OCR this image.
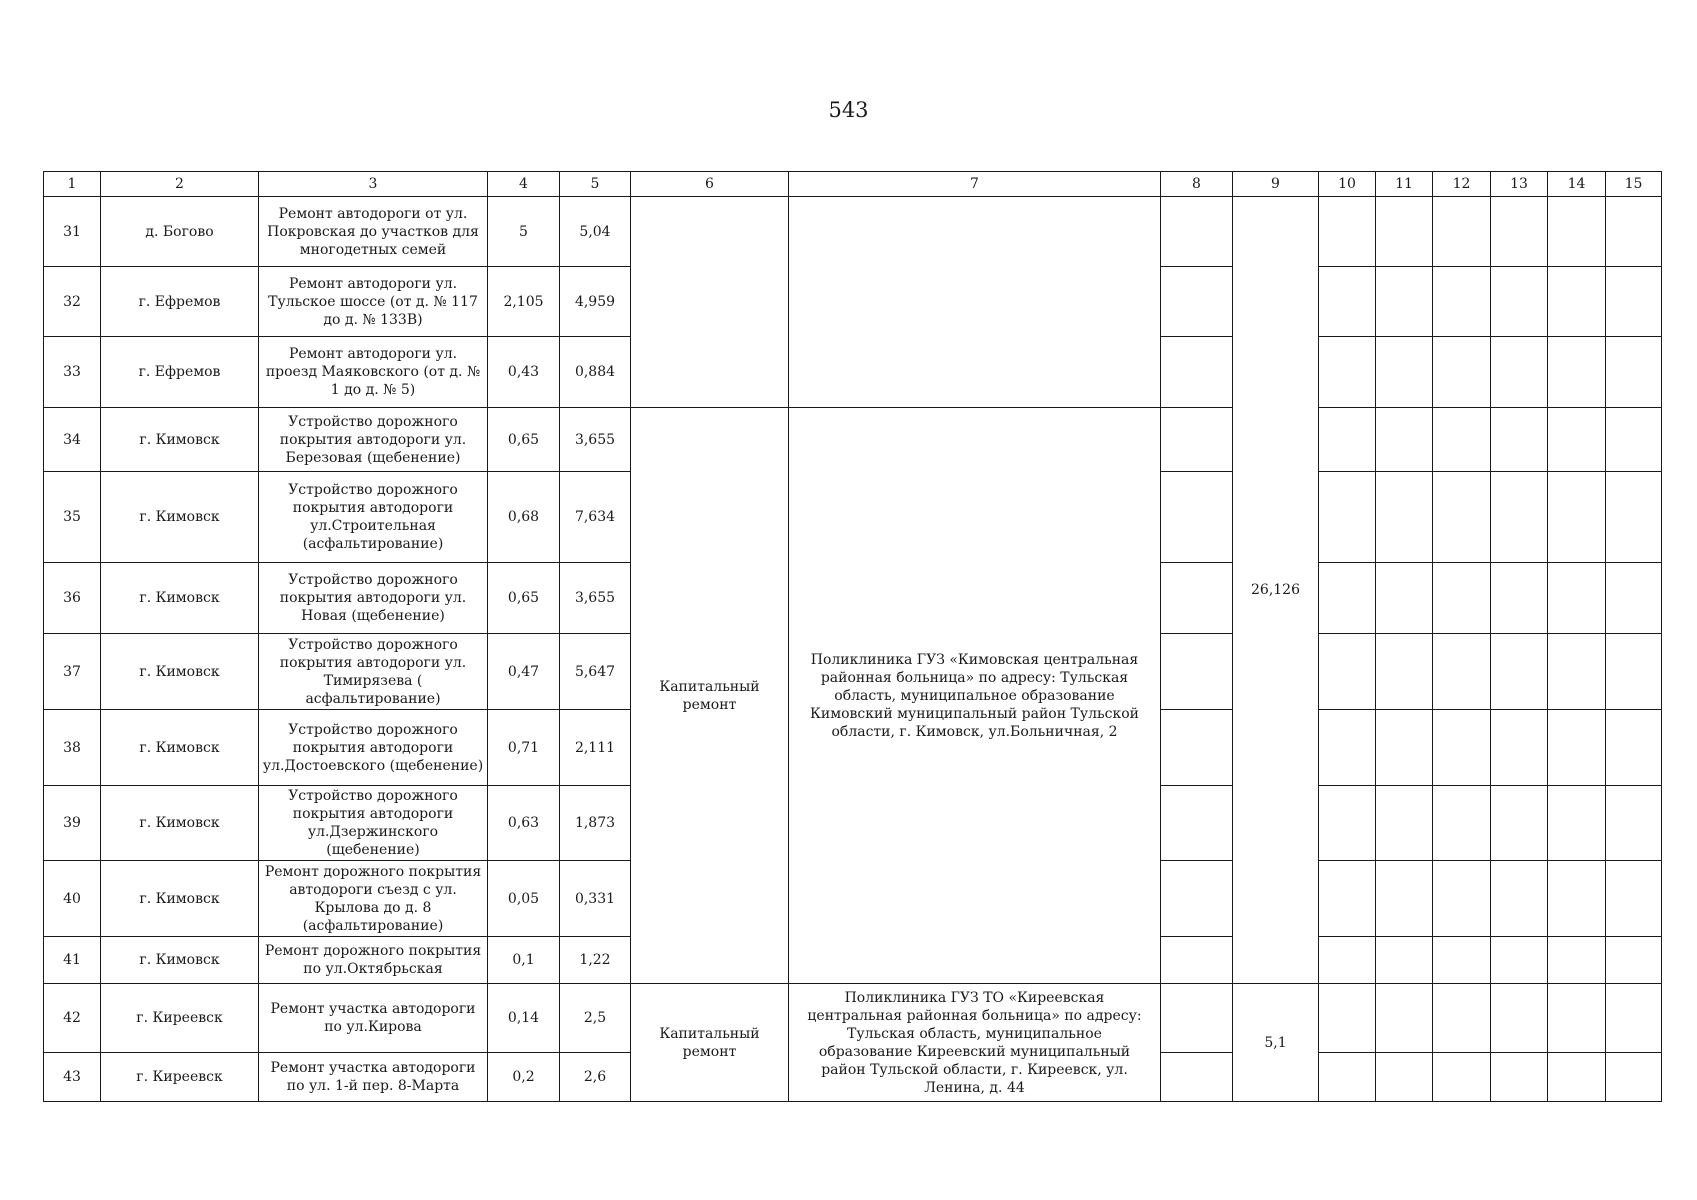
543
1	2	3	4	5	6	7	8	9	10	11	12	13	14	15
31	д. Богово	Ремонт автодороги от ул. Покровская до участков для многодетных семей	5	5,04				26,126						
32	г. Ефремов	Ремонт автодороги ул. Тульское шоссе (от д. № 117 до д. № 133В)	2,105	4,959										
33	г. Ефремов	Ремонт автодороги ул. проезд Маяковского (от д. № 1 до д. № 5)	0,43	0,884										
34	г. Кимовск	Устройство дорожного покрытия автодороги ул. Березовая (щебенение)	0,65	3,655	Капитальный ремонт	Поликлиника ГУЗ «Кимовская центральная районная больница» по адресу: Тульская область, муниципальное образование Кимовский муниципальный район Тульской области, г. Кимовск, ул.Больничная, 2								
35	г. Кимовск	Устройство дорожного покрытия автодороги ул.Строительная (асфальтирование)	0,68	7,634										
36	г. Кимовск	Устройство дорожного покрытия автодороги ул. Новая (щебенение)	0,65	3,655										
37	г. Кимовск	Устройство дорожного покрытия автодороги ул. Тимирязева ( асфальтирование)	0,47	5,647										
38	г. Кимовск	Устройство дорожного покрытия автодороги ул.Достоевского (щебенение)	0,71	2,111										
39	г. Кимовск	Устройство дорожного покрытия автодороги ул.Дзержинского (щебенение)	0,63	1,873										
40	г. Кимовск	Ремонт дорожного покрытия автодороги съезд с ул. Крылова до д. 8 (асфальтирование)	0,05	0,331										
41	г. Кимовск	Ремонт дорожного покрытия по ул.Октябрьская	0,1	1,22										
42	г. Киреевск	Ремонт участка автодороги по ул.Кирова	0,14	2,5	Капитальный ремонт	Поликлиника ГУЗ ТО «Киреевская центральная районная больница» по адресу: Тульская область, муниципальное образование Киреевский муниципальный район Тульской области, г. Киреевск, ул. Ленина, д. 44		5,1						
43	г. Киреевск	Ремонт участка автодороги по ул. 1-й пер. 8-Марта	0,2	2,6										
